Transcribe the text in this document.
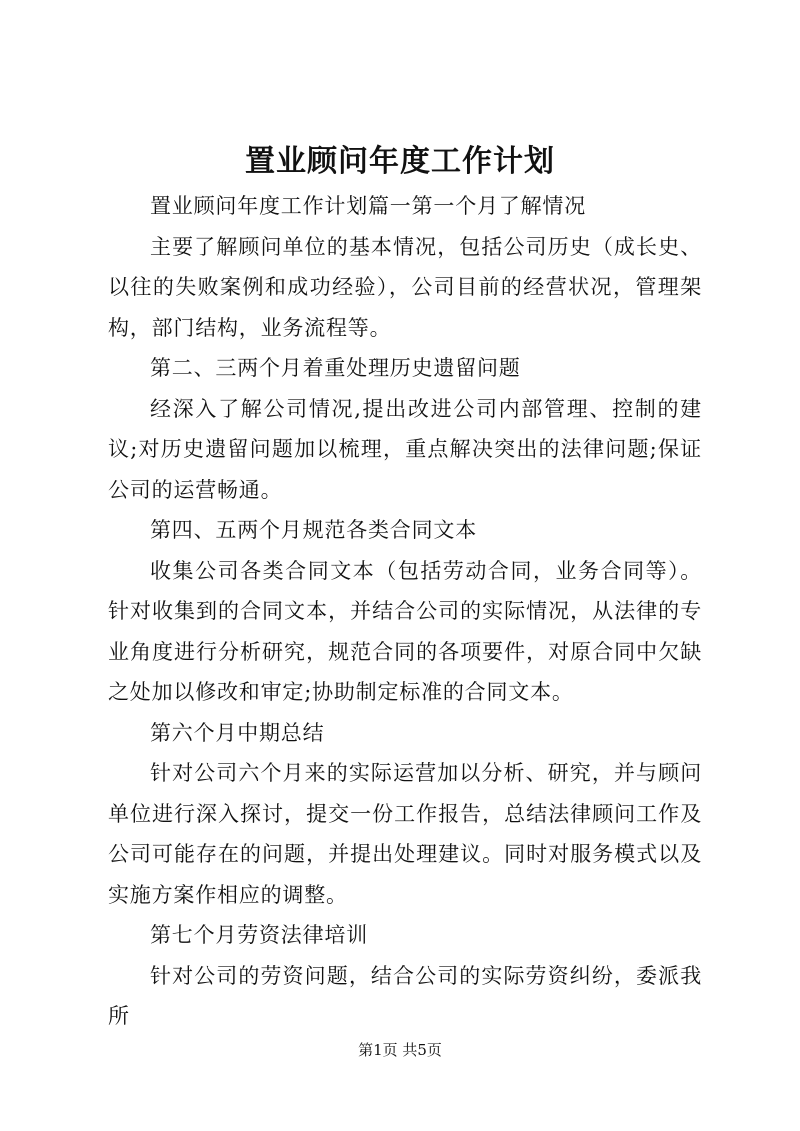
置业顾问年度工作计划

置业顾问年度工作计划篇一第一个月了解情况

主要了解顾问单位的基本情况，包括公司历史（成长史、以往的失败案例和成功经验），公司目前的经营状况，管理架构，部门结构，业务流程等。

第二、三两个月着重处理历史遗留问题

经深入了解公司情况,提出改进公司内部管理、控制的建议;对历史遗留问题加以梳理，重点解决突出的法律问题;保证公司的运营畅通。

第四、五两个月规范各类合同文本

收集公司各类合同文本（包括劳动合同，业务合同等）。针对收集到的合同文本，并结合公司的实际情况，从法律的专业角度进行分析研究，规范合同的各项要件，对原合同中欠缺之处加以修改和审定;协助制定标准的合同文本。

第六个月中期总结

针对公司六个月来的实际运营加以分析、研究，并与顾问单位进行深入探讨，提交一份工作报告，总结法律顾问工作及公司可能存在的问题，并提出处理建议。同时对服务模式以及实施方案作相应的调整。

第七个月劳资法律培训

针对公司的劳资问题，结合公司的实际劳资纠纷，委派我所

第1页 共5页
